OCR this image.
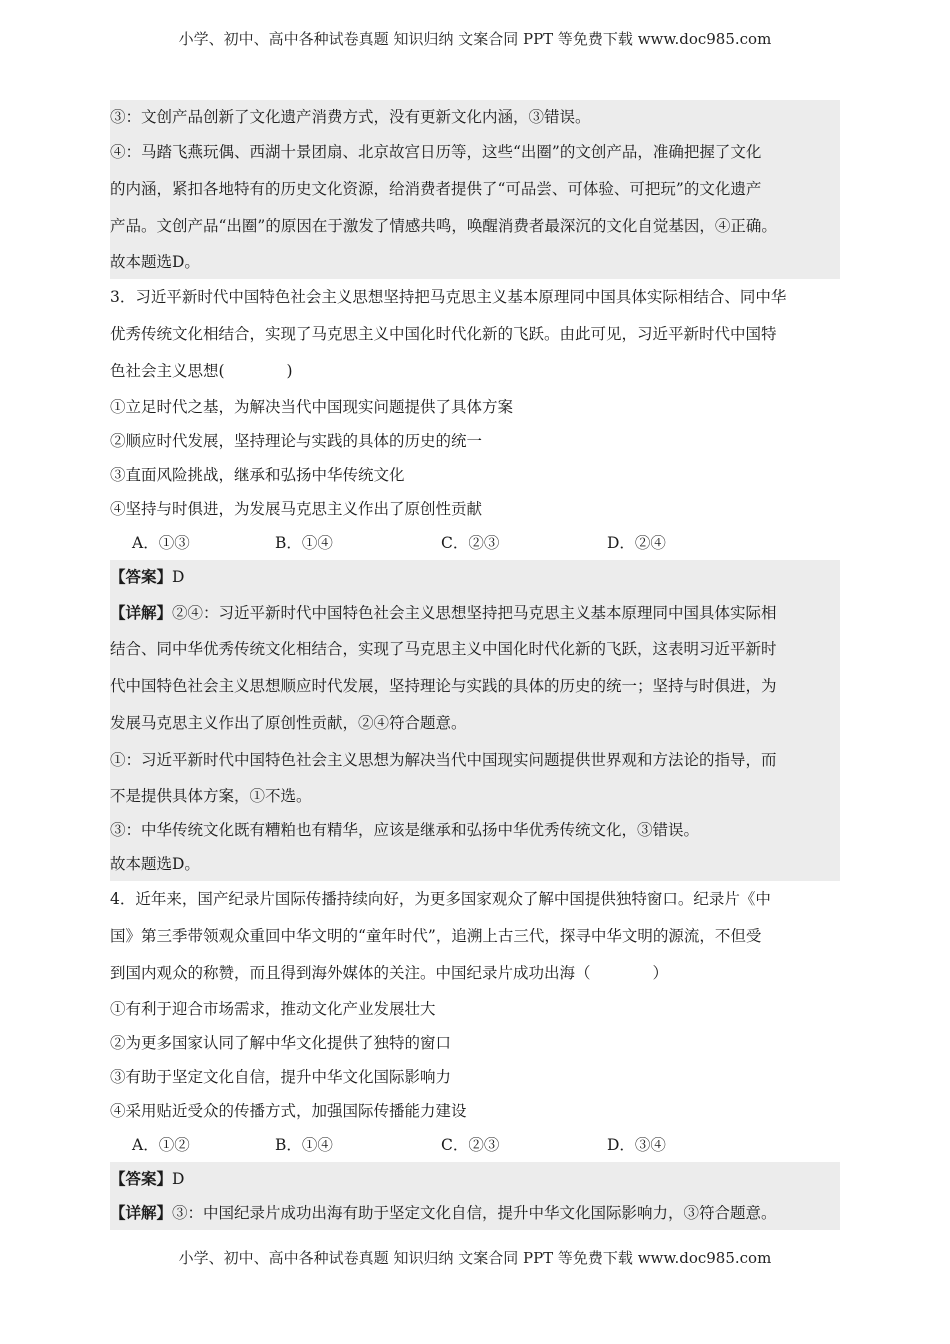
小学、初中、高中各种试卷真题 知识归纳 文案合同 PPT 等免费下载 www.doc985.com
③：文创产品创新了文化遗产消费方式，没有更新文化内涵，③错误。
④：马踏飞燕玩偶、西湖十景团扇、北京故宫日历等，这些“出圈”的文创产品，准确把握了文化
的内涵，紧扣各地特有的历史文化资源，给消费者提供了“可品尝、可体验、可把玩”的文化遗产
产品。文创产品“出圈”的原因在于激发了情感共鸣，唤醒消费者最深沉的文化自觉基因，④正确。
故本题选D。
3．习近平新时代中国特色社会主义思想坚持把马克思主义基本原理同中国具体实际相结合、同中华
优秀传统文化相结合，实现了马克思主义中国化时代化新的飞跃。由此可见，习近平新时代中国特
色社会主义思想(　　　　)
①立足时代之基，为解决当代中国现实问题提供了具体方案
②顺应时代发展，坚持理论与实践的具体的历史的统一
③直面风险挑战，继承和弘扬中华传统文化
④坚持与时俱进，为发展马克思主义作出了原创性贡献
A．①③	B．①④	C．②③	D．②④
【答案】D
【详解】②④：习近平新时代中国特色社会主义思想坚持把马克思主义基本原理同中国具体实际相
结合、同中华优秀传统文化相结合，实现了马克思主义中国化时代化新的飞跃，这表明习近平新时
代中国特色社会主义思想顺应时代发展，坚持理论与实践的具体的历史的统一；坚持与时俱进，为
发展马克思主义作出了原创性贡献，②④符合题意。
①：习近平新时代中国特色社会主义思想为解决当代中国现实问题提供世界观和方法论的指导，而
不是提供具体方案，①不选。
③：中华传统文化既有糟粕也有精华，应该是继承和弘扬中华优秀传统文化，③错误。
故本题选D。
4．近年来，国产纪录片国际传播持续向好，为更多国家观众了解中国提供独特窗口。纪录片《中
国》第三季带领观众重回中华文明的“童年时代”，追溯上古三代，探寻中华文明的源流，不但受
到国内观众的称赞，而且得到海外媒体的关注。中国纪录片成功出海（　　　　）
①有利于迎合市场需求，推动文化产业发展壮大
②为更多国家认同了解中华文化提供了独特的窗口
③有助于坚定文化自信，提升中华文化国际影响力
④采用贴近受众的传播方式，加强国际传播能力建设
A．①②	B．①④	C．②③	D．③④
【答案】D
【详解】③：中国纪录片成功出海有助于坚定文化自信，提升中华文化国际影响力，③符合题意。
小学、初中、高中各种试卷真题 知识归纳 文案合同 PPT 等免费下载 www.doc985.com
